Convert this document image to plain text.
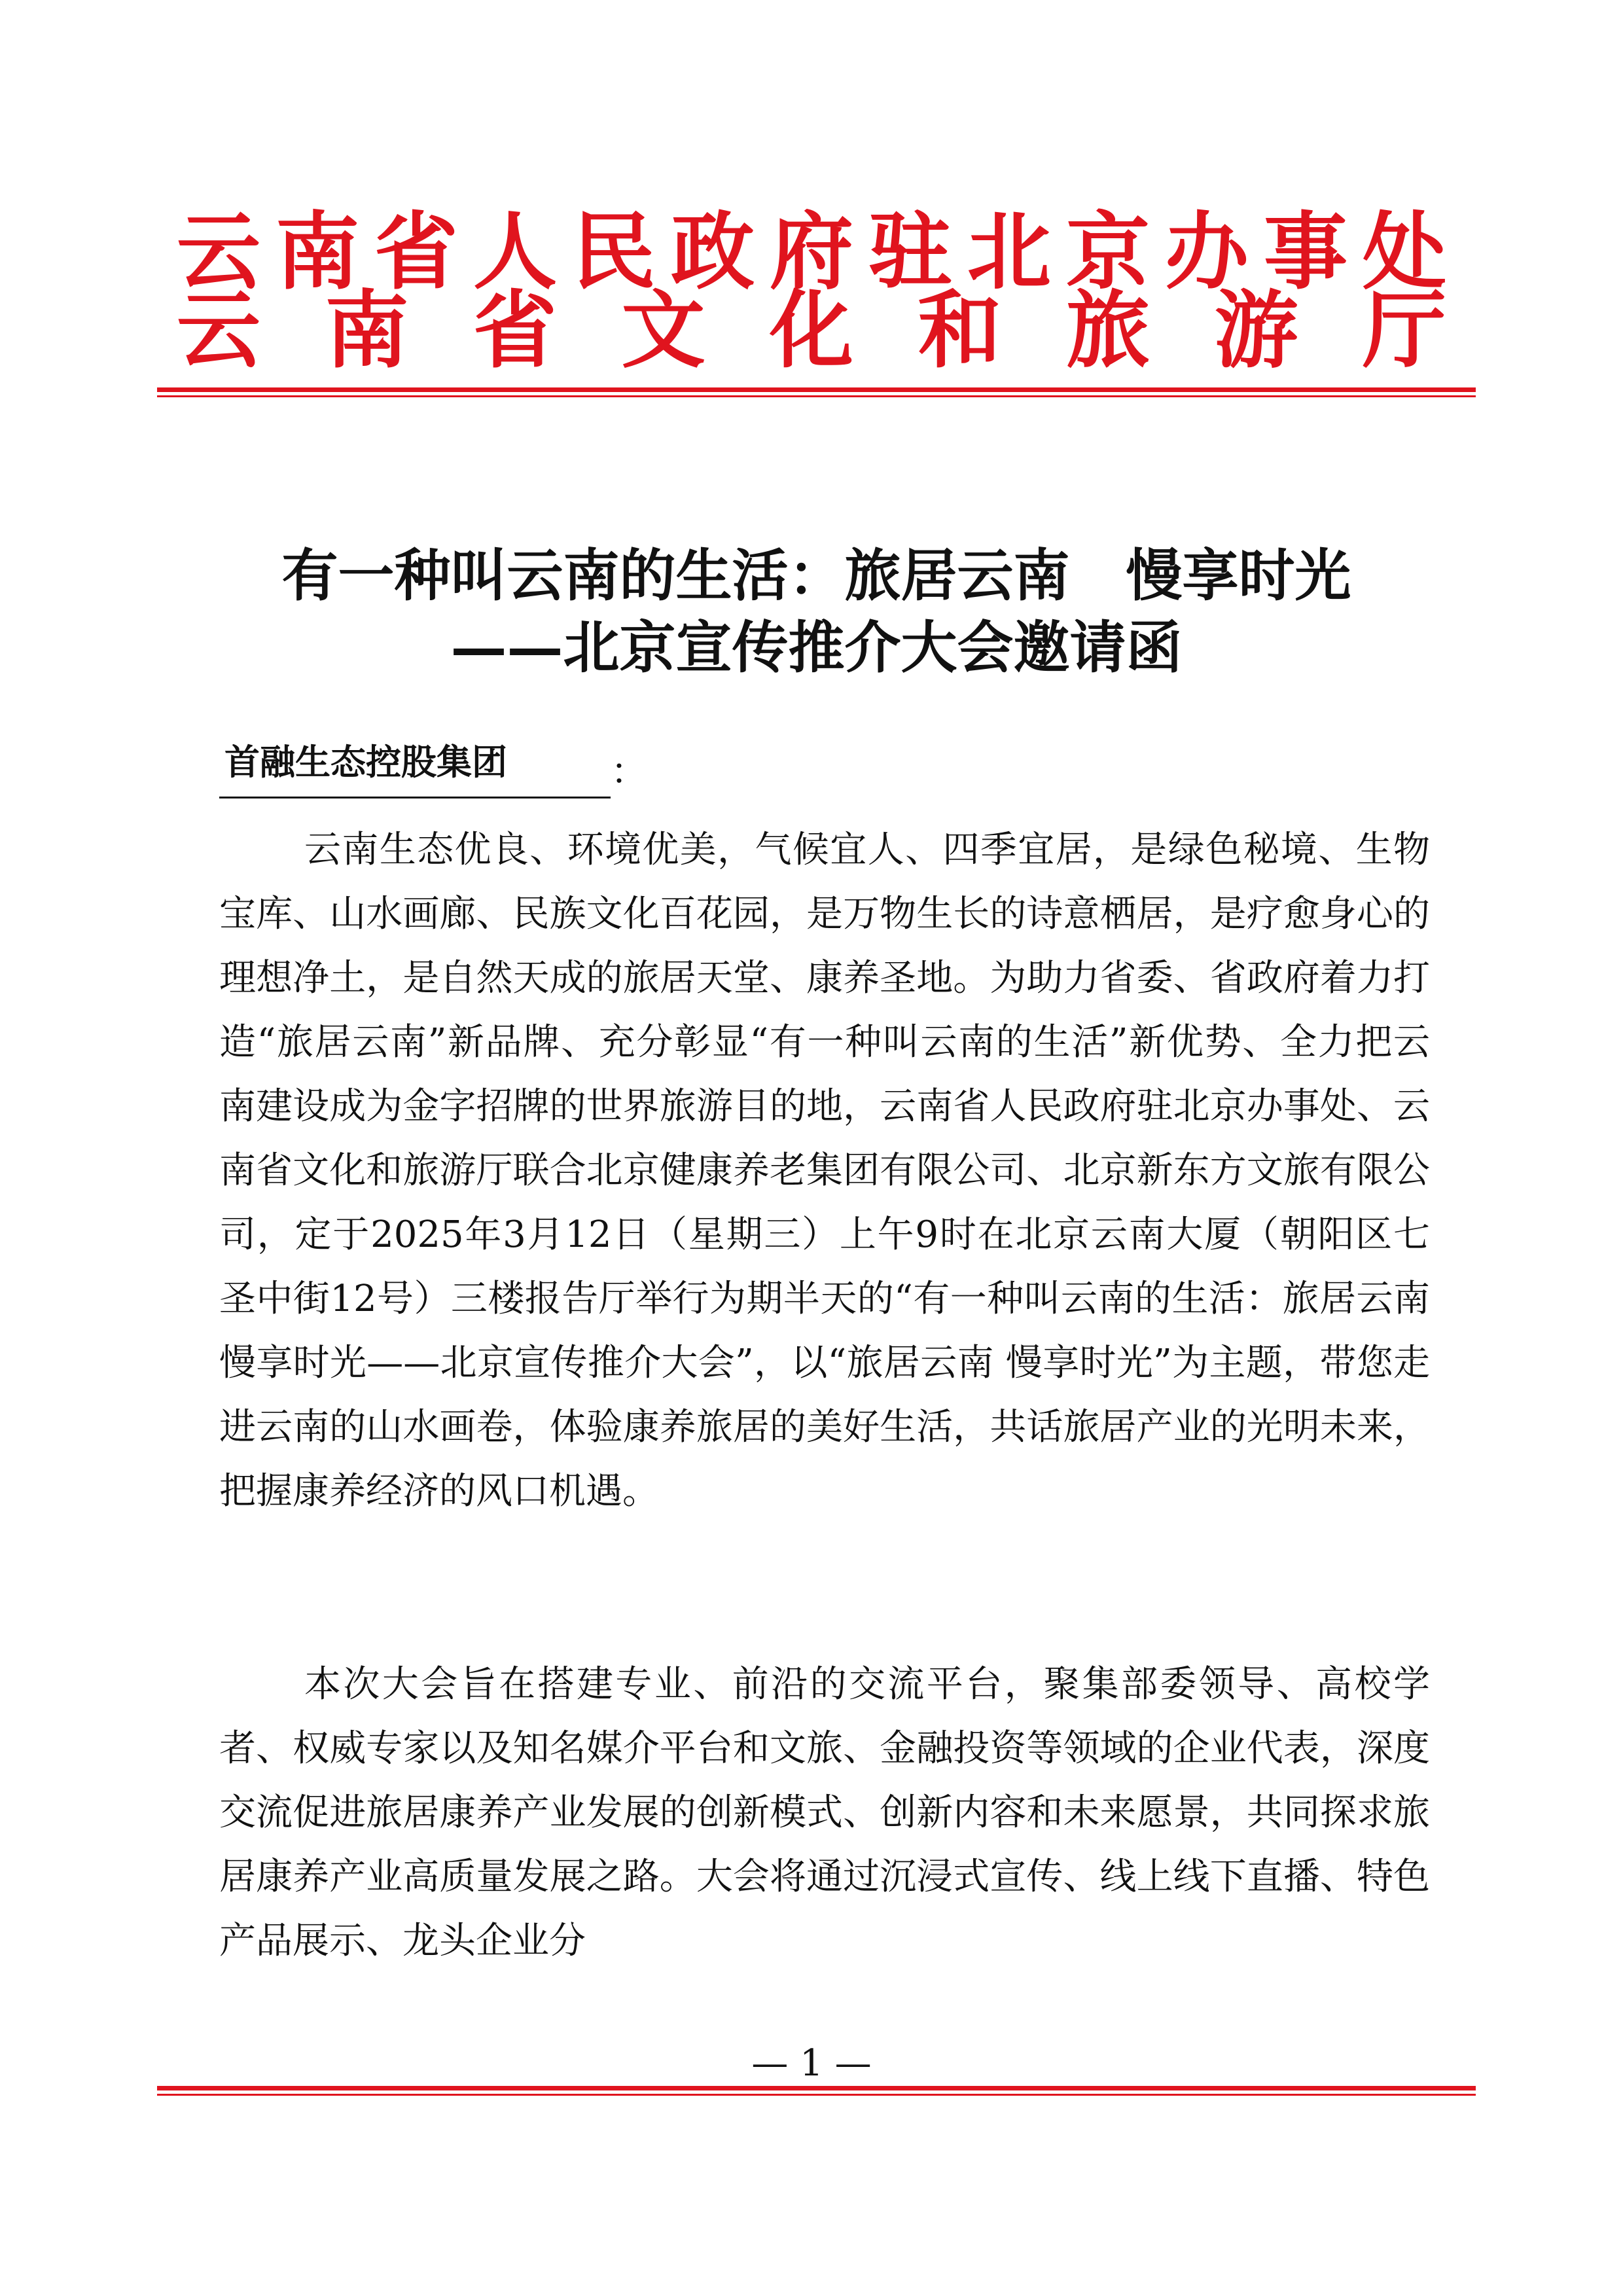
云南省人民政府驻北京办事处
云南省文化和旅游厅
有一种叫云南的生活：旅居云南　慢享时光
——北京宣传推介大会邀请函
首融生态控股集团	：

云南生态优良、环境优美，气候宜人、四季宜居，是绿色秘境、生物宝库、山水画廊、民族文化百花园，是万物生长的诗意栖居，是疗愈身心的理想净土，是自然天成的旅居天堂、康养圣地。为助力省委、省政府着力打造“旅居云南”新品牌、充分彰显“有一种叫云南的生活”新优势、全力把云南建设成为金字招牌的世界旅游目的地，云南省人民政府驻北京办事处、云南省文化和旅游厅联合北京健康养老集团有限公司、北京新东方文旅有限公司，定于2025年3月12日（星期三）上午9时在北京云南大厦（朝阳区七圣中街12号）三楼报告厅举行为期半天的“有一种叫云南的生活：旅居云南　慢享时光——北京宣传推介大会”，以“旅居云南 慢享时光”为主题，带您走进云南的山水画卷，体验康养旅居的美好生活，共话旅居产业的光明未来，把握康养经济的风口机遇。

本次大会旨在搭建专业、前沿的交流平台，聚集部委领导、高校学者、权威专家以及知名媒介平台和文旅、金融投资等领域的企业代表，深度交流促进旅居康养产业发展的创新模式、创新内容和未来愿景，共同探求旅居康养产业高质量发展之路。大会将通过沉浸式宣传、线上线下直播、特色产品展示、龙头企业分

— 1 —
